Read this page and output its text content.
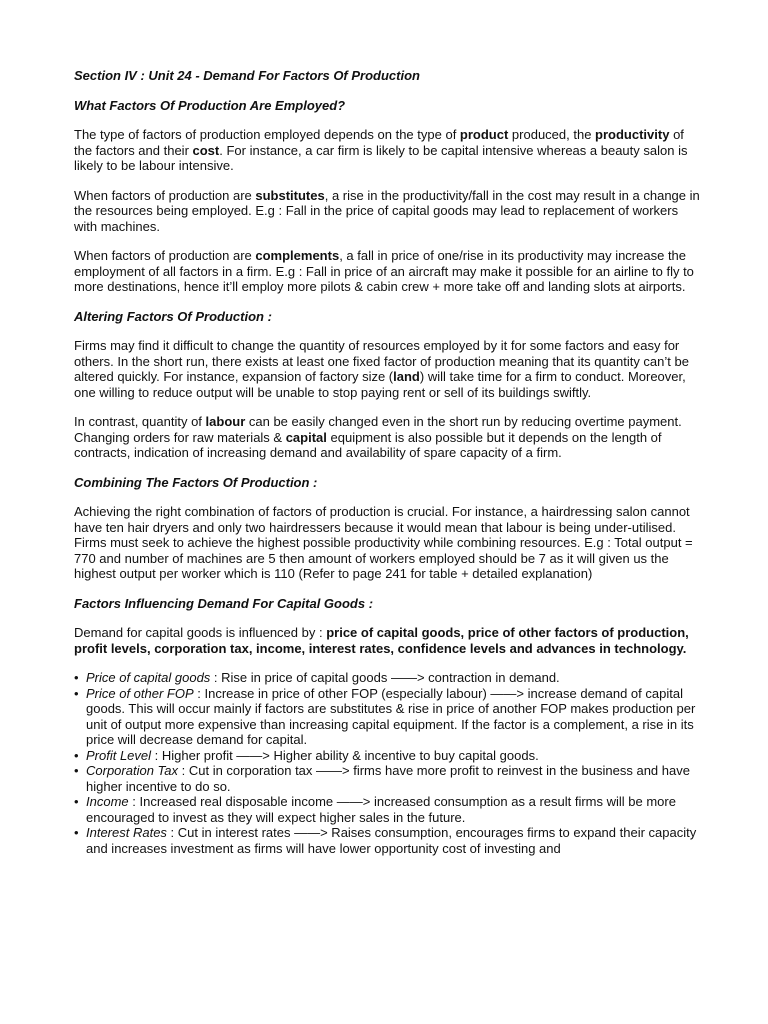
Section IV : Unit 24 - Demand For Factors Of Production
What Factors Of Production Are Employed?

The type of factors of production employed depends on the type of product produced, the productivity of the factors and their cost. For instance, a car firm is likely to be capital intensive whereas a beauty salon is likely to be labour intensive.

When factors of production are substitutes, a rise in the productivity/fall in the cost may result in a change in the resources being employed. E.g : Fall in the price of capital goods may lead to replacement of workers with machines.

When factors of production are complements, a fall in price of one/rise in its productivity may increase the employment of all factors in a firm. E.g : Fall in price of an aircraft may make it possible for an airline to fly to more destinations, hence it’ll employ more pilots & cabin crew + more take off and landing slots at airports.

Altering Factors Of Production :

Firms may find it difficult to change the quantity of resources employed by it for some factors and easy for others. In the short run, there exists at least one fixed factor of production meaning that its quantity can’t be altered quickly. For instance, expansion of factory size (land) will take time for a firm to conduct. Moreover, one willing to reduce output will be unable to stop paying rent or sell of its buildings swiftly.

In contrast, quantity of labour can be easily changed even in the short run by reducing overtime payment. Changing orders for raw materials & capital equipment is also possible but it depends on the length of contracts, indication of increasing demand and availability of spare capacity of a firm.

Combining The Factors Of Production :

Achieving the right combination of factors of production is crucial. For instance, a hairdressing salon cannot have ten hair dryers and only two hairdressers because it would mean that labour is being under-utilised. Firms must seek to achieve the highest possible productivity while combining resources. E.g : Total output = 770 and number of machines are 5 then amount of workers employed should be 7 as it will given us the highest output per worker which is 110 (Refer to page 241 for table + detailed explanation)

Factors Influencing Demand For Capital Goods :

Demand for capital goods is influenced by : price of capital goods, price of other factors of production, profit levels, corporation tax, income, interest rates, confidence levels and advances in technology.

• Price of capital goods : Rise in price of capital goods ——> contraction in demand.
• Price of other FOP : Increase in price of other FOP (especially labour) ——> increase demand of capital goods. This will occur mainly if factors are substitutes & rise in price of another FOP makes production per unit of output more expensive than increasing capital equipment. If the factor is a complement, a rise in its price will decrease demand for capital.
• Profit Level : Higher profit ——> Higher ability & incentive to buy capital goods.
• Corporation Tax : Cut in corporation tax ——> firms have more profit to reinvest in the business and have higher incentive to do so.
• Income : Increased real disposable income ——> increased consumption as a result firms will be more encouraged to invest as they will expect higher sales in the future.
• Interest Rates : Cut in interest rates ——> Raises consumption, encourages firms to expand their capacity and increases investment as firms will have lower opportunity cost of investing and
